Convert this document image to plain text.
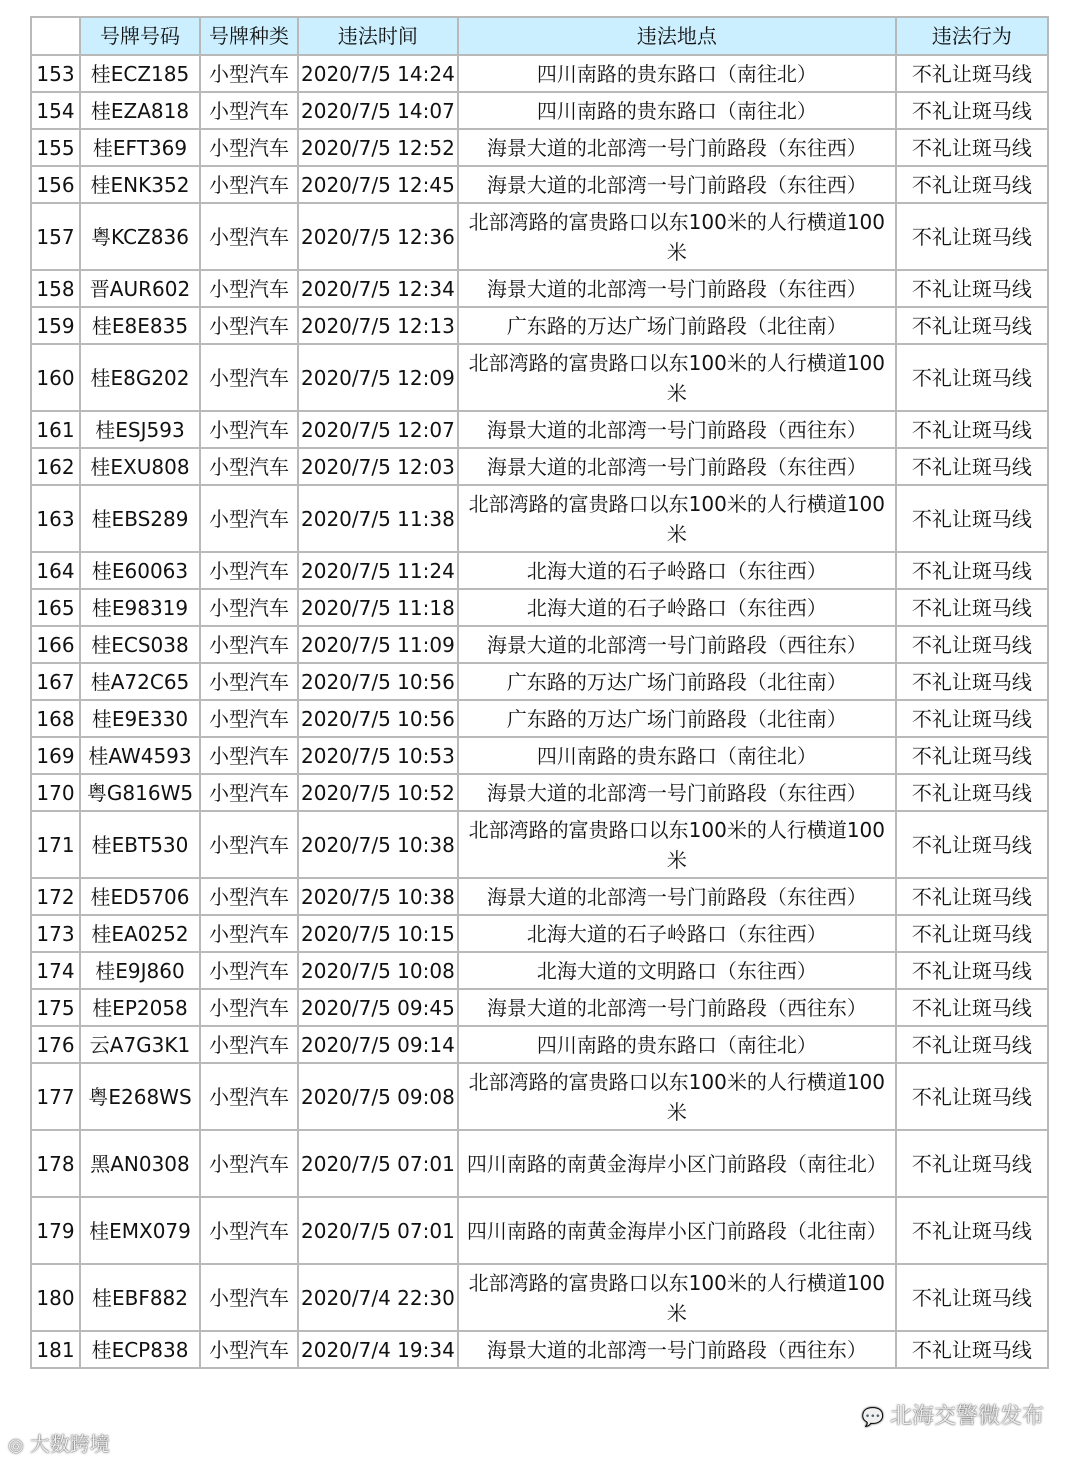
	号牌号码	号牌种类	违法时间	违法地点	违法行为
153	桂ECZ185	小型汽车	2020/7/5 14:24	四川南路的贵东路口（南往北）	不礼让斑马线
154	桂EZA818	小型汽车	2020/7/5 14:07	四川南路的贵东路口（南往北）	不礼让斑马线
155	桂EFT369	小型汽车	2020/7/5 12:52	海景大道的北部湾一号门前路段（东往西）	不礼让斑马线
156	桂ENK352	小型汽车	2020/7/5 12:45	海景大道的北部湾一号门前路段（东往西）	不礼让斑马线
157	粤KCZ836	小型汽车	2020/7/5 12:36	北部湾路的富贵路口以东100米的人行横道100米	不礼让斑马线
158	晋AUR602	小型汽车	2020/7/5 12:34	海景大道的北部湾一号门前路段（东往西）	不礼让斑马线
159	桂E8E835	小型汽车	2020/7/5 12:13	广东路的万达广场门前路段（北往南）	不礼让斑马线
160	桂E8G202	小型汽车	2020/7/5 12:09	北部湾路的富贵路口以东100米的人行横道100米	不礼让斑马线
161	桂ESJ593	小型汽车	2020/7/5 12:07	海景大道的北部湾一号门前路段（西往东）	不礼让斑马线
162	桂EXU808	小型汽车	2020/7/5 12:03	海景大道的北部湾一号门前路段（东往西）	不礼让斑马线
163	桂EBS289	小型汽车	2020/7/5 11:38	北部湾路的富贵路口以东100米的人行横道100米	不礼让斑马线
164	桂E60063	小型汽车	2020/7/5 11:24	北海大道的石子岭路口（东往西）	不礼让斑马线
165	桂E98319	小型汽车	2020/7/5 11:18	北海大道的石子岭路口（东往西）	不礼让斑马线
166	桂ECS038	小型汽车	2020/7/5 11:09	海景大道的北部湾一号门前路段（西往东）	不礼让斑马线
167	桂A72C65	小型汽车	2020/7/5 10:56	广东路的万达广场门前路段（北往南）	不礼让斑马线
168	桂E9E330	小型汽车	2020/7/5 10:56	广东路的万达广场门前路段（北往南）	不礼让斑马线
169	桂AW4593	小型汽车	2020/7/5 10:53	四川南路的贵东路口（南往北）	不礼让斑马线
170	粤G816W5	小型汽车	2020/7/5 10:52	海景大道的北部湾一号门前路段（东往西）	不礼让斑马线
171	桂EBT530	小型汽车	2020/7/5 10:38	北部湾路的富贵路口以东100米的人行横道100米	不礼让斑马线
172	桂ED5706	小型汽车	2020/7/5 10:38	海景大道的北部湾一号门前路段（东往西）	不礼让斑马线
173	桂EA0252	小型汽车	2020/7/5 10:15	北海大道的石子岭路口（东往西）	不礼让斑马线
174	桂E9J860	小型汽车	2020/7/5 10:08	北海大道的文明路口（东往西）	不礼让斑马线
175	桂EP2058	小型汽车	2020/7/5 09:45	海景大道的北部湾一号门前路段（西往东）	不礼让斑马线
176	云A7G3K1	小型汽车	2020/7/5 09:14	四川南路的贵东路口（南往北）	不礼让斑马线
177	粤E268WS	小型汽车	2020/7/5 09:08	北部湾路的富贵路口以东100米的人行横道100米	不礼让斑马线
178	黑AN0308	小型汽车	2020/7/5 07:01	四川南路的南黄金海岸小区门前路段（南往北）	不礼让斑马线
179	桂EMX079	小型汽车	2020/7/5 07:01	四川南路的南黄金海岸小区门前路段（北往南）	不礼让斑马线
180	桂EBF882	小型汽车	2020/7/4 22:30	北部湾路的富贵路口以东100米的人行横道100米	不礼让斑马线
181	桂ECP838	小型汽车	2020/7/4 19:34	海景大道的北部湾一号门前路段（西往东）	不礼让斑马线
💬 北海交警微发布
◎ 大数跨境
